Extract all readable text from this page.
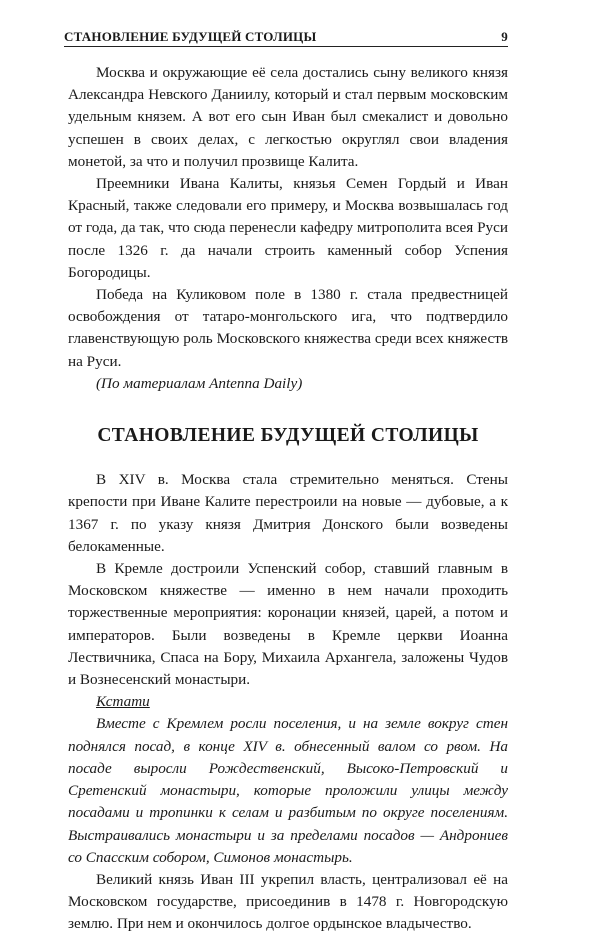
СТАНОВЛЕНИЕ БУДУЩЕЙ СТОЛИЦЫ	9

Москва и окружающие её села достались сыну великого князя Александра Невского Даниилу, который и стал первым московским удельным князем. А вот его сын Иван был смекалист и довольно успешен в своих делах, с легкостью округлял свои владения монетой, за что и получил прозвище Калита.

Преемники Ивана Калиты, князья Семен Гордый и Иван Красный, также следовали его примеру, и Москва возвышалась год от года, да так, что сюда перенесли кафедру митрополита всея Руси после 1326 г. да начали строить каменный собор Успения Богородицы.

Победа на Куликовом поле в 1380 г. стала предвестницей освобождения от татаро-монгольского ига, что подтвердило главенствующую роль Московского княжества среди всех княжеств на Руси.

(По материалам Antenna Daily)

СТАНОВЛЕНИЕ БУДУЩЕЙ СТОЛИЦЫ

В XIV в. Москва стала стремительно меняться. Стены крепости при Иване Калите перестроили на новые — дубовые, а к 1367 г. по указу князя Дмитрия Донского были возведены белокаменные.

В Кремле достроили Успенский собор, ставший главным в Московском княжестве — именно в нем начали проходить торжественные мероприятия: коронации князей, царей, а потом и императоров. Были возведены в Кремле церкви Иоанна Лествичника, Спаса на Бору, Михаила Архангела, заложены Чудов и Вознесенский монастыри.

Кстати

Вместе с Кремлем росли поселения, и на земле вокруг стен поднялся посад, в конце XIV в. обнесенный валом со рвом. На посаде выросли Рождественский, Высоко-Петровский и Сретенский монастыри, которые проложили улицы между посадами и тропинки к селам и разбитым по округе поселениям. Выстраивались монастыри и за пределами посадов — Андрониев со Спасским собором, Симонов монастырь.

Великий князь Иван III укрепил власть, централизовал её на Московском государстве, присоединив в 1478 г. Новгородскую землю. При нем и окончилось долгое ордынское владычество.
